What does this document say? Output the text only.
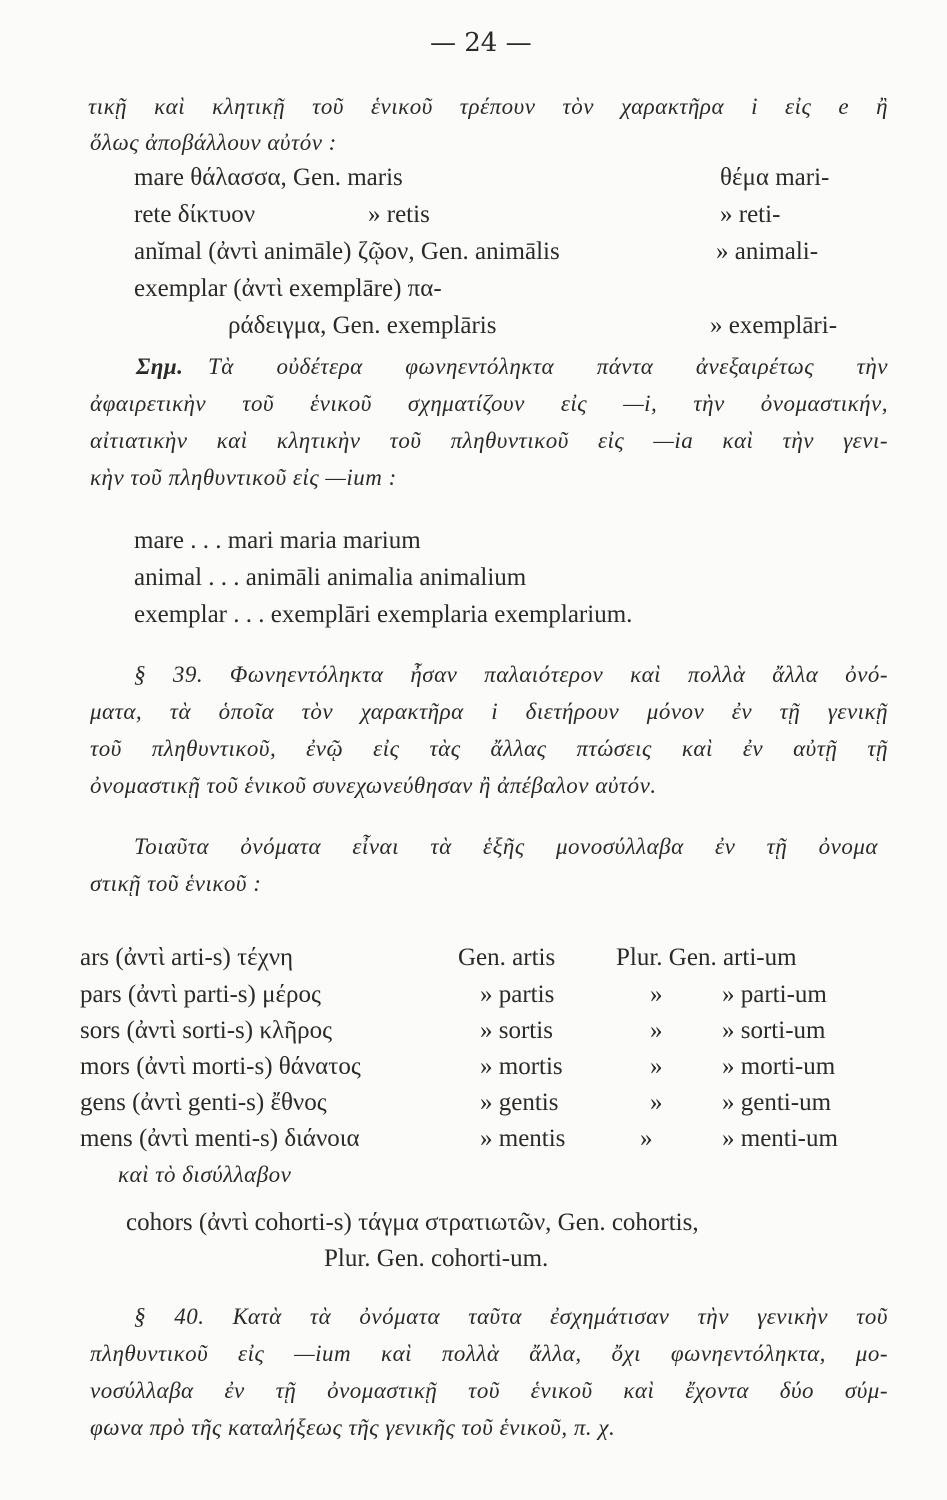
— 24 —
τικῇ καὶ κλητικῇ τοῦ ἑνικοῦ τρέπουν τὸν χαρακτῆρα i εἰς e ἢ
ὅλως ἀποβάλλουν αὐτόν :
mare θάλασσα, Gen. maris	θέμα mari-
rete δίκτυον	» retis	» reti-
anĭmal (ἀντὶ animāle) ζῷον, Gen. animālis	» animali-
exemplar (ἀντὶ exemplāre) πα-
ράδειγμα, Gen. exemplāris	» exemplāri-
Σημ. Τὰ οὐδέτερα φωνηεντόληκτα πάντα ἀνεξαιρέτως τὴν
ἀφαιρετικὴν τοῦ ἑνικοῦ σχηματίζουν εἰς —i, τὴν ὀνομαστικήν,
αἰτιατικὴν καὶ κλητικὴν τοῦ πληθυντικοῦ εἰς —ia καὶ τὴν γενι-
κὴν τοῦ πληθυντικοῦ εἰς —ium :
mare . . . mari maria marium
animal . . . animāli animalia animalium
exemplar . . . exemplāri exemplaria exemplarium.
§ 39. Φωνηεντόληκτα ἦσαν παλαιότερον καὶ πολλὰ ἄλλα ὀνό-
ματα, τὰ ὁποῖα τὸν χαρακτῆρα i διετήρουν μόνον ἐν τῇ γενικῇ
τοῦ πληθυντικοῦ, ἐνῷ εἰς τὰς ἄλλας πτώσεις καὶ ἐν αὐτῇ τῇ
ὀνομαστικῇ τοῦ ἑνικοῦ συνεχωνεύθησαν ἢ ἀπέβαλον αὐτόν.
Τοιαῦτα ὀνόματα εἶναι τὰ ἑξῆς μονοσύλλαβα ἐν τῇ ὀνομα
στικῇ τοῦ ἑνικοῦ :
ars (ἀντὶ arti-s) τέχνη	Gen. artis Plur. Gen. arti-um
pars (ἀντὶ parti-s) μέρος	» partis	» » parti-um
sors (ἀντὶ sorti-s) κλῆρος	» sortis	» » sorti-um
mors (ἀντὶ morti-s) θάνατος	» mortis	» » morti-um
gens (ἀντὶ genti-s) ἔθνος	» gentis	» » genti-um
mens (ἀντὶ menti-s) διάνοια	» mentis	»	» menti-um
καὶ τὸ δισύλλαβον
cohors (ἀντὶ cohorti-s) τάγμα στρατιωτῶν, Gen. cohortis,
Plur. Gen. cohorti-um.
§ 40. Κατὰ τὰ ὀνόματα ταῦτα ἐσχημάτισαν τὴν γενικὴν τοῦ
πληθυντικοῦ εἰς —ium καὶ πολλὰ ἄλλα, ὄχι φωνηεντόληκτα, μο-
νοσύλλαβα ἐν τῇ ὀνομαστικῇ τοῦ ἑνικοῦ καὶ ἔχοντα δύο σύμ-
φωνα πρὸ τῆς καταλήξεως τῆς γενικῆς τοῦ ἑνικοῦ, π. χ.
